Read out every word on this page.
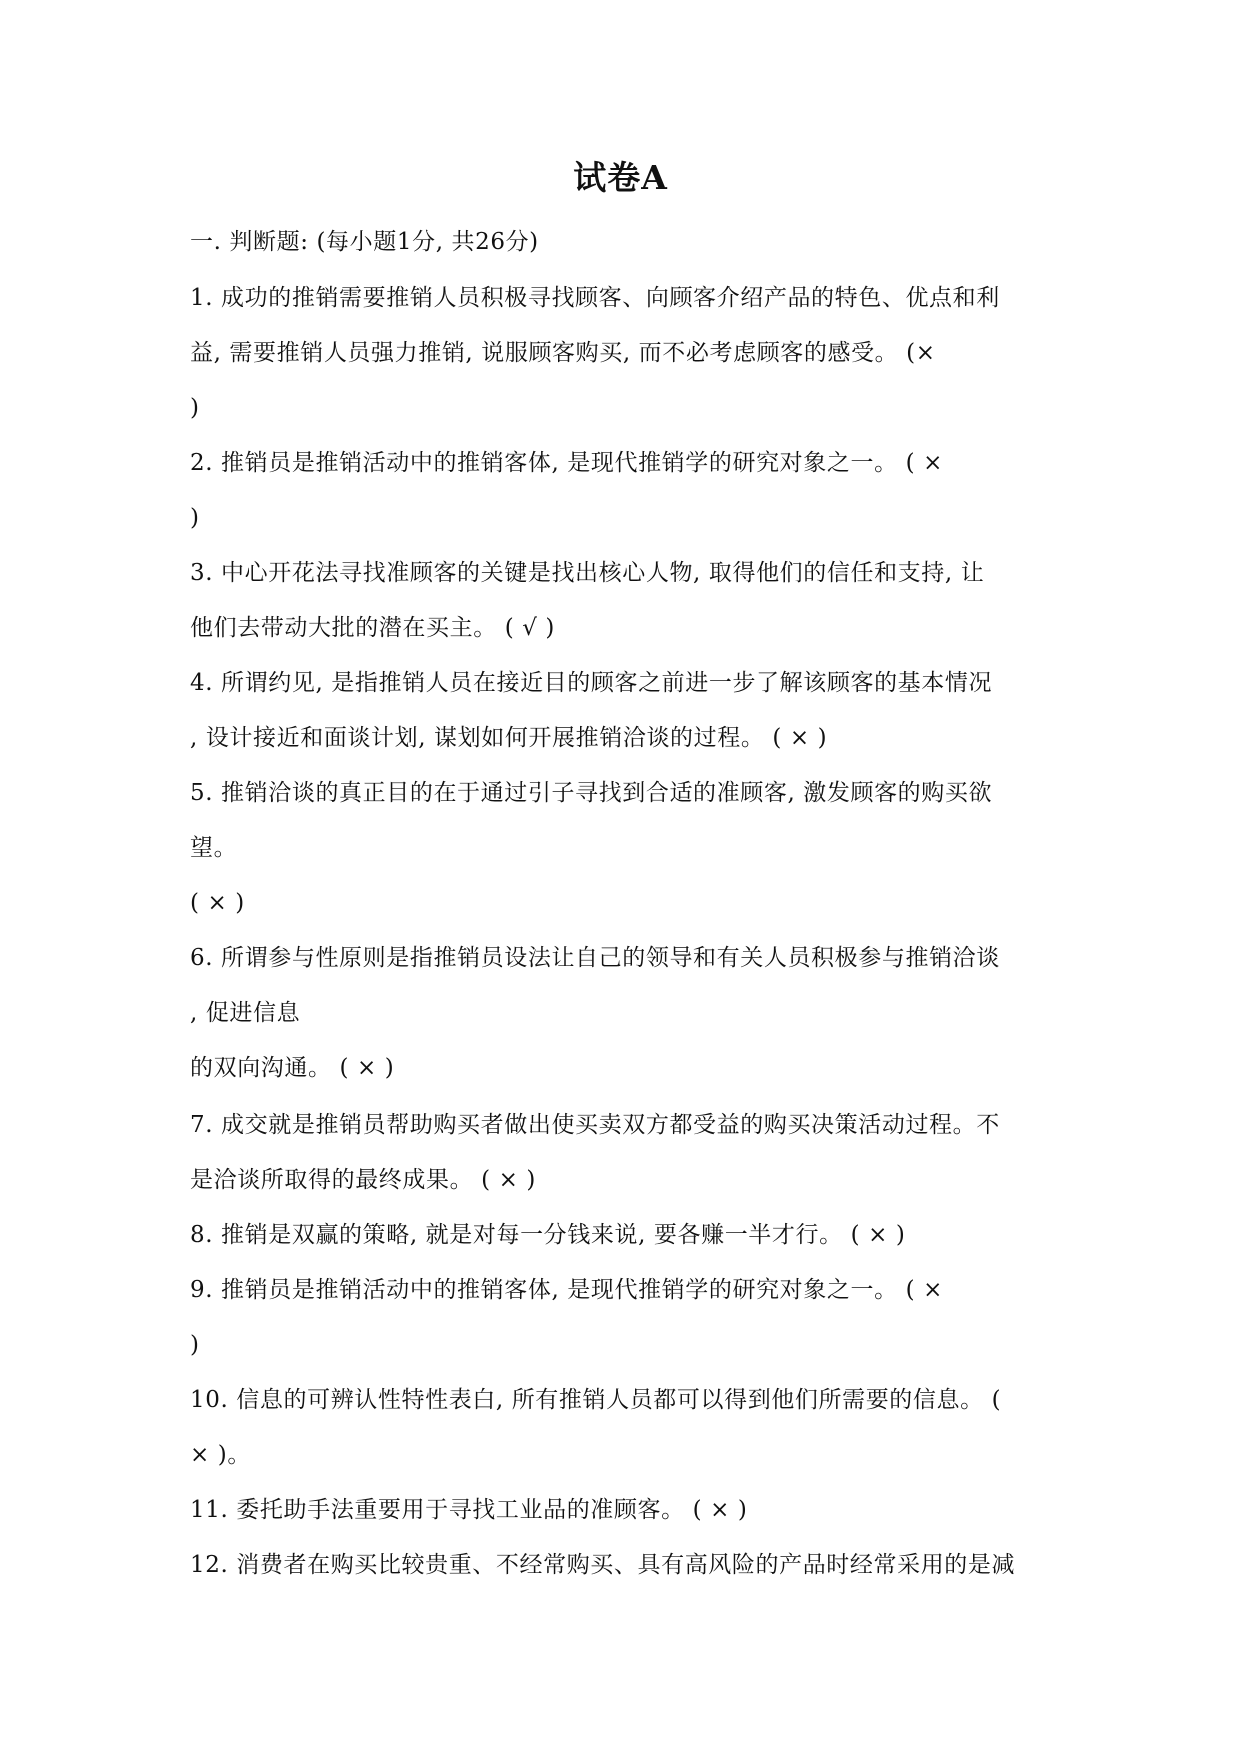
试卷A
一. 判断题: (每小题1分, 共26分)
1. 成功的推销需要推销人员积极寻找顾客、向顾客介绍产品的特色、优点和利
益, 需要推销人员强力推销, 说服顾客购买, 而不必考虑顾客的感受。 (×
)
2. 推销员是推销活动中的推销客体, 是现代推销学的研究对象之一。 ( ×
)
3. 中心开花法寻找准顾客的关键是找出核心人物, 取得他们的信任和支持, 让
他们去带动大批的潜在买主。 ( √ )
4. 所谓约见, 是指推销人员在接近目的顾客之前进一步了解该顾客的基本情况
, 设计接近和面谈计划, 谋划如何开展推销洽谈的过程。 ( × )
5. 推销洽谈的真正目的在于通过引子寻找到合适的准顾客, 激发顾客的购买欲
望。
( × )
6. 所谓参与性原则是指推销员设法让自己的领导和有关人员积极参与推销洽谈
, 促进信息
的双向沟通。 ( × )
7. 成交就是推销员帮助购买者做出使买卖双方都受益的购买决策活动过程。不
是洽谈所取得的最终成果。 ( × )
8. 推销是双赢的策略, 就是对每一分钱来说, 要各赚一半才行。 ( × )
9. 推销员是推销活动中的推销客体, 是现代推销学的研究对象之一。 ( ×
)
10. 信息的可辨认性特性表白, 所有推销人员都可以得到他们所需要的信息。 (
× )。
11. 委托助手法重要用于寻找工业品的准顾客。 ( × )
12. 消费者在购买比较贵重、不经常购买、具有高风险的产品时经常采用的是减
